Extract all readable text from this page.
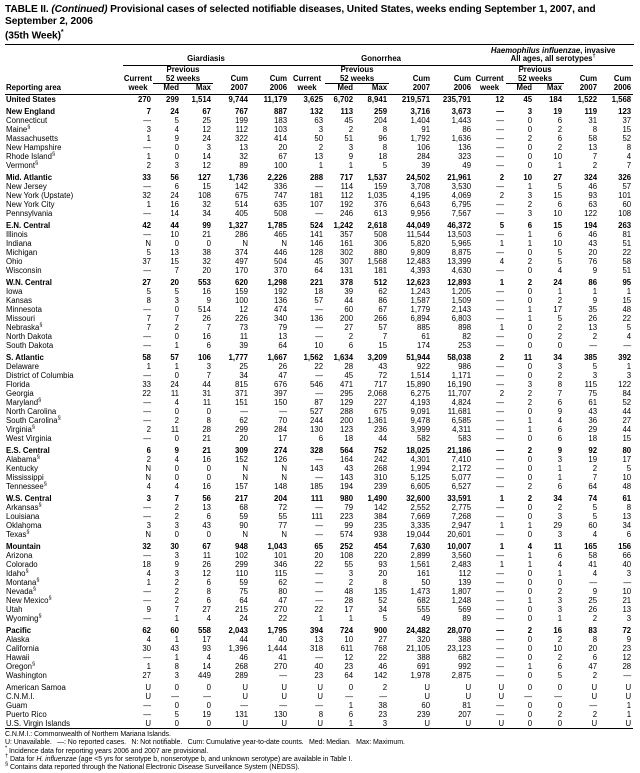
TABLE II. (Continued) Provisional cases of selected notifiable diseases, United States, weeks ending September 1, 2007, and September 2, 2006
(35th Week)*
	Giardiasis					Gonorrhea					Haemophilus influenzae, invasive
All ages, all serotypes†
		Previous					Previous					Previous			
	Current	52 weeks		Cum	Cum	Current	52 weeks		Cum	Cum	Current	52 weeks		Cum	Cum
Reporting area	week	Med	Max	2007	2006	week	Med	Max	2007	2006	week	Med	Max	2007	2006
United States	270	299	1,514	9,744	11,179	3,625	6,702	8,941	219,571	235,791	12	45	184	1,522	1,568
New England	7	24	67	767	887	132	113	259	3,716	3,673	—	3	19	119	123
Connecticut	—	5	25	199	183	63	45	204	1,404	1,443	—	0	6	31	37
Maine§	3	4	12	112	103	3	2	8	91	86	—	0	2	8	15
Massachusetts	1	9	24	322	414	50	51	96	1,792	1,636	—	2	6	58	52
New Hampshire	—	0	3	13	20	2	3	8	106	136	—	0	2	13	8
Rhode Island§	1	0	14	32	67	13	9	18	284	323	—	0	10	7	4
Vermont§	2	3	12	89	100	1	1	5	39	49	—	0	1	2	7
Mid. Atlantic	33	56	127	1,736	2,226	288	717	1,537	24,502	21,961	2	10	27	324	326
New Jersey	—	6	15	142	336	—	114	159	3,708	3,530	—	1	5	46	57
New York (Upstate)	32	24	108	675	747	181	112	1,035	4,195	4,069	2	3	15	93	101
New York City	1	16	32	514	635	107	192	376	6,643	6,795	—	2	6	63	60
Pennsylvania	—	14	34	405	508	—	246	613	9,956	7,567	—	3	10	122	108
E.N. Central	42	44	99	1,327	1,785	524	1,242	2,618	44,049	46,372	5	6	15	194	263
Illinois	—	10	21	286	465	141	357	508	11,544	13,503	—	1	6	46	81
Indiana	N	0	0	N	N	146	161	306	5,820	5,965	1	1	10	43	51
Michigan	5	13	38	374	446	128	302	880	9,809	8,875	—	0	5	20	22
Ohio	37	15	32	497	504	45	307	1,568	12,483	13,399	4	2	5	76	58
Wisconsin	—	7	20	170	370	64	131	181	4,393	4,630	—	0	4	9	51
W.N. Central	27	20	553	620	1,298	221	378	512	12,623	12,893	1	2	24	86	95
Iowa	5	5	16	159	192	18	39	62	1,243	1,205	—	0	1	1	1
Kansas	8	3	9	100	136	57	44	86	1,587	1,509	—	0	2	9	15
Minnesota	—	0	514	12	474	—	60	67	1,779	2,143	—	1	17	35	48
Missouri	7	7	26	226	340	136	200	266	6,894	6,803	—	1	5	26	22
Nebraska§	7	2	7	73	79	—	27	57	885	898	1	0	2	13	5
North Dakota	—	0	16	11	13	—	2	7	61	82	—	0	2	2	4
South Dakota	—	1	6	39	64	10	6	15	174	253	—	0	0	—	—
S. Atlantic	58	57	106	1,777	1,667	1,562	1,634	3,209	51,944	58,038	2	11	34	385	392
Delaware	1	1	3	25	26	22	28	43	922	986	—	0	3	5	1
District of Columbia	—	0	7	34	47	—	45	72	1,514	1,171	—	0	2	3	3
Florida	33	24	44	815	676	546	471	717	15,890	16,190	—	3	8	115	122
Georgia	22	11	31	371	397	—	295	2,068	6,275	11,707	2	2	7	75	84
Maryland§	—	4	11	151	150	87	129	227	4,193	4,824	—	2	6	61	52
North Carolina	—	0	0	—	—	527	288	675	9,091	11,681	—	0	9	43	44
South Carolina§	—	2	8	62	70	244	200	1,361	9,478	6,585	—	1	4	36	27
Virginia§	2	11	28	299	284	130	123	236	3,999	4,311	—	1	6	29	44
West Virginia	—	0	21	20	17	6	18	44	582	583	—	0	6	18	15
E.S. Central	6	9	21	309	274	328	564	752	18,025	21,186	—	2	9	92	80
Alabama§	2	4	16	152	126	—	164	242	4,301	7,410	—	0	3	19	17
Kentucky	N	0	0	N	N	143	43	268	1,994	2,172	—	0	1	2	5
Mississippi	N	0	0	N	N	—	143	310	5,125	5,077	—	0	1	7	10
Tennessee§	4	4	16	157	148	185	194	239	6,605	6,527	—	2	6	64	48
W.S. Central	3	7	56	217	204	111	980	1,490	32,600	33,591	1	2	34	74	61
Arkansas§	—	2	13	68	72	—	79	142	2,552	2,775	—	0	2	5	8
Louisiana	—	2	6	59	55	111	223	384	7,669	7,268	—	0	3	5	13
Oklahoma	3	3	43	90	77	—	99	235	3,335	2,947	1	1	29	60	34
Texas§	N	0	0	N	N	—	574	938	19,044	20,601	—	0	3	4	6
Mountain	32	30	67	948	1,043	65	252	454	7,630	10,007	1	4	11	165	156
Arizona	—	3	11	102	101	20	108	220	2,899	3,560	—	1	6	58	66
Colorado	18	9	26	299	346	22	55	93	1,561	2,483	1	1	4	41	40
Idaho§	4	3	12	110	115	—	3	20	161	112	—	0	1	4	3
Montana§	1	2	6	59	62	—	2	8	50	139	—	0	0	—	—
Nevada§	—	2	8	75	80	—	48	135	1,473	1,807	—	0	2	9	10
New Mexico§	—	2	6	64	47	—	28	52	682	1,248	—	1	3	25	21
Utah	9	7	27	215	270	22	17	34	555	569	—	0	3	26	13
Wyoming§	—	1	4	24	22	1	1	5	49	89	—	0	1	2	3
Pacific	62	60	558	2,043	1,795	394	724	900	24,482	28,070	—	2	16	83	72
Alaska	4	1	17	44	40	13	10	27	320	388	—	0	2	8	9
California	30	43	93	1,396	1,444	318	611	768	21,105	23,123	—	0	10	20	23
Hawaii	—	1	4	46	41	—	12	22	388	682	—	0	2	6	12
Oregon§	1	8	14	268	270	40	23	46	691	992	—	1	6	47	28
Washington	27	3	449	289	—	23	64	142	1,978	2,875	—	0	5	2	—
American Samoa	U	0	0	U	U	U	0	2	U	U	U	0	0	U	U
C.N.M.I.	U	—	—	U	U	U	—	—	U	U	U	—	—	U	U
Guam	—	0	0	—	—	—	1	38	60	81	—	0	0	—	1
Puerto Rico	—	5	19	131	130	8	6	23	239	207	—	0	2	2	1
U.S. Virgin Islands	U	0	0	U	U	U	1	3	U	U	U	0	0	U	U
C.N.M.I.: Commonwealth of Northern Mariana Islands.
U: Unavailable.  —: No reported cases.  N: Not notifiable.  Cum: Cumulative year-to-date counts.  Med: Median.  Max: Maximum.
* Incidence data for reporting years 2006 and 2007 are provisional.
† Data for H. influenzae (age <5 yrs for serotype b, nonserotype b, and unknown serotype) are available in Table I.
§ Contains data reported through the National Electronic Disease Surveillance System (NEDSS).
